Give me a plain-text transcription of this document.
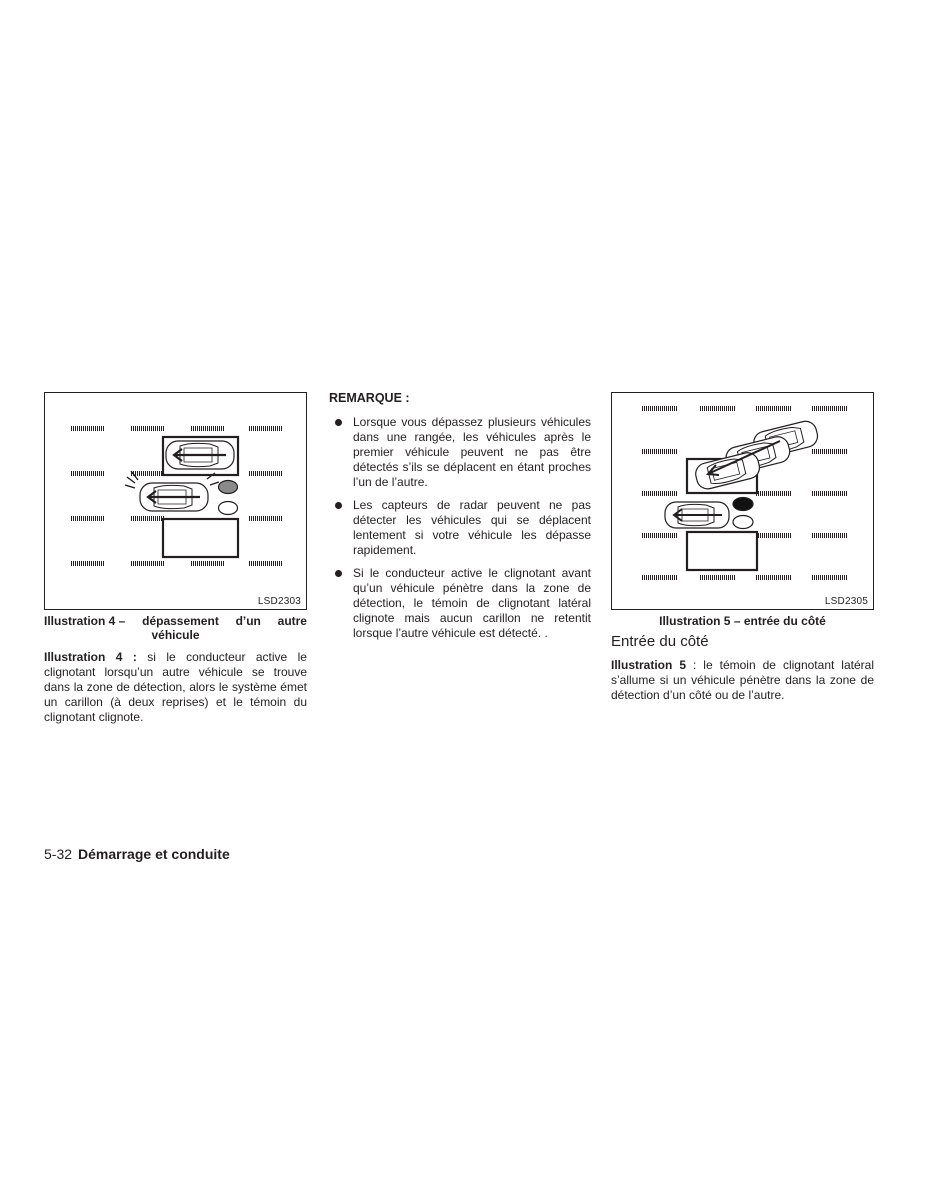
LSD2303
Illustration 4 – dépassement d’un autre
véhicule

Illustration 4 : si le conducteur active le clignotant lorsqu’un autre véhicule se trouve dans la zone de détection, alors le système émet un carillon (à deux reprises) et le témoin du clignotant clignote.

REMARQUE :
Lorsque vous dépassez plusieurs véhicules dans une rangée, les véhicules après le premier véhicule peuvent ne pas être détectés s’ils se déplacent en étant proches l’un de l’autre.
Les capteurs de radar peuvent ne pas détecter les véhicules qui se déplacent lentement si votre véhicule les dépasse rapidement.
Si le conducteur active le clignotant avant qu’un véhicule pénètre dans la zone de détection, le témoin de clignotant latéral clignote mais aucun carillon ne retentit lorsque l’autre véhicule est détecté. .
LSD2305
Illustration 5 – entrée du côté
Entrée du côté

Illustration 5 : le témoin de clignotant latéral s’allume si un véhicule pénètre dans la zone de détection d’un côté ou de l’autre.

5-32 Démarrage et conduite
